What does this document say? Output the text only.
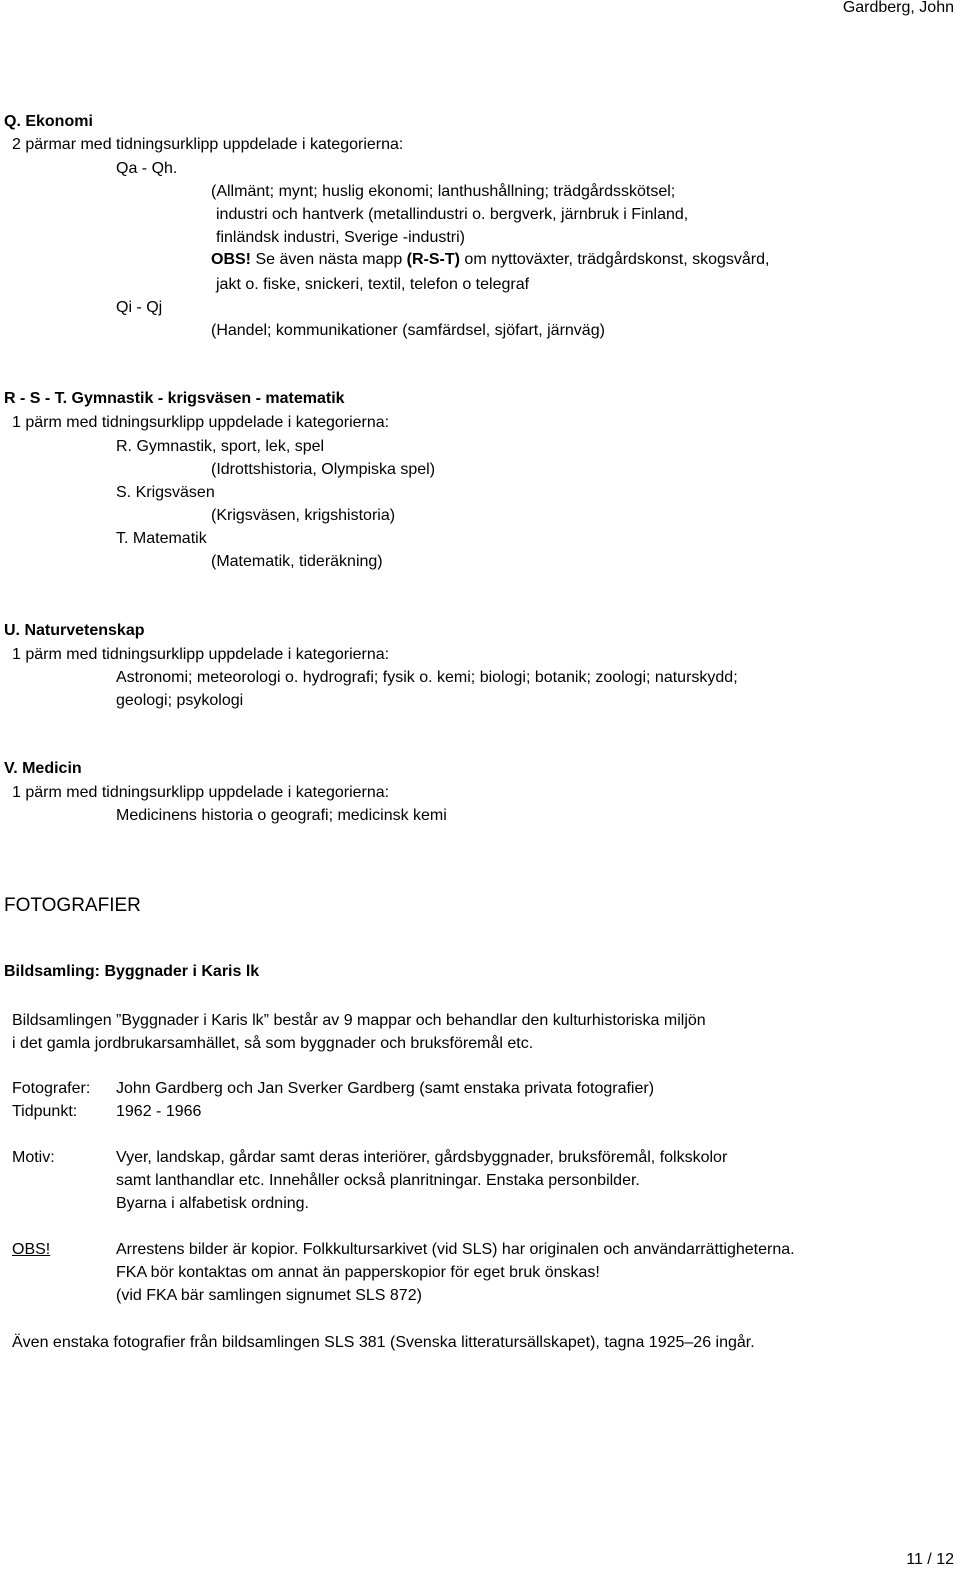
Gardberg, John
Q. Ekonomi
2 pärmar med tidningsurklipp uppdelade i kategorierna:
Qa - Qh.
(Allmänt; mynt; huslig ekonomi; lanthushållning; trädgårdsskötsel;
industri och hantverk (metallindustri o. bergverk, järnbruk i Finland,
finländsk industri, Sverige -industri)
OBS! Se även nästa mapp (R-S-T) om nyttoväxter, trädgårdskonst, skogsvård,
jakt o. fiske, snickeri, textil, telefon o telegraf
Qi - Qj
(Handel; kommunikationer (samfärdsel, sjöfart, järnväg)
R - S - T. Gymnastik - krigsväsen - matematik
1 pärm med tidningsurklipp uppdelade i kategorierna:
R. Gymnastik, sport, lek, spel
(Idrottshistoria, Olympiska spel)
S. Krigsväsen
(Krigsväsen, krigshistoria)
T. Matematik
(Matematik, tideräkning)
U. Naturvetenskap
1 pärm med tidningsurklipp uppdelade i kategorierna:
Astronomi; meteorologi o. hydrografi; fysik o. kemi; biologi; botanik; zoologi; naturskydd;
geologi; psykologi
V. Medicin
1 pärm med tidningsurklipp uppdelade i kategorierna:
Medicinens historia o geografi; medicinsk kemi
FOTOGRAFIER
Bildsamling: Byggnader i Karis lk
Bildsamlingen ”Byggnader i Karis lk” består av 9 mappar och behandlar den kulturhistoriska miljön
i det gamla jordbrukarsamhället, så som byggnader och bruksföremål etc.
Fotografer: John Gardberg och Jan Sverker Gardberg (samt enstaka privata fotografier)
Tidpunkt: 1962 - 1966
Motiv:	Vyer, landskap, gårdar samt deras interiörer, gårdsbyggnader, bruksföremål, folkskolor
samt lanthandlar etc. Innehåller också planritningar. Enstaka personbilder.
Byarna i alfabetisk ordning.
OBS!	Arrestens bilder är kopior. Folkkultursarkivet (vid SLS) har originalen och användarrättigheterna.
FKA bör kontaktas om annat än papperskopior för eget bruk önskas!
(vid FKA bär samlingen signumet SLS 872)
Även enstaka fotografier från bildsamlingen SLS 381 (Svenska litteratursällskapet), tagna 1925–26 ingår.
11 / 12
